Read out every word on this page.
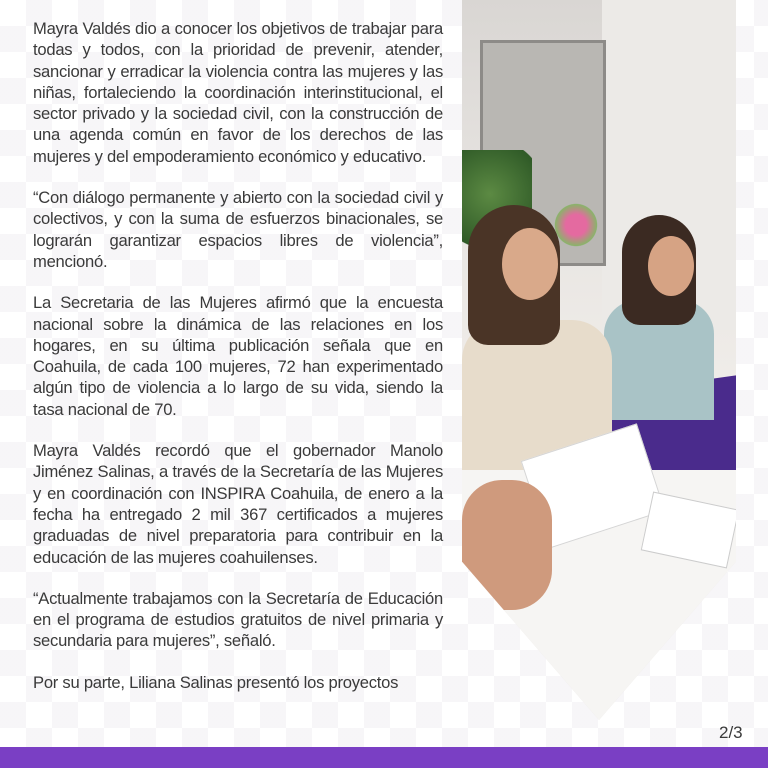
Mayra Valdés dio a conocer los objetivos de trabajar para todas y todos, con la prioridad de prevenir, atender, sancionar y erradicar la violencia contra las mujeres y las niñas, fortaleciendo la coordinación interinstitucional, el sector privado y la sociedad civil, con la construcción de una agenda común en favor de los derechos de las mujeres y del empoderamiento económico y educativo.

“Con diálogo permanente y abierto con la sociedad civil y colectivos, y con la suma de esfuerzos binacionales, se lograrán garantizar espacios libres de violencia”, mencionó.

La Secretaria de las Mujeres afirmó que la encuesta nacional sobre la dinámica de las relaciones en los hogares, en su última publicación señala que en Coahuila, de cada 100 mujeres, 72 han experimentado algún tipo de violencia a lo largo de su vida, siendo la tasa nacional de 70.

Mayra Valdés recordó que el gobernador Manolo Jiménez Salinas, a través de la Secretaría de las Mujeres y en coordinación con INSPIRA Coahuila, de enero a la fecha ha entregado 2 mil 367 certificados a mujeres graduadas de nivel preparatoria para contribuir en la educación de las mujeres coahuilenses.

“Actualmente trabajamos con la Secretaría de Educación en el programa de estudios gratuitos de nivel primaria y secundaria para mujeres”, señaló.

Por su parte, Liliana Salinas presentó los proyectos

2/3
